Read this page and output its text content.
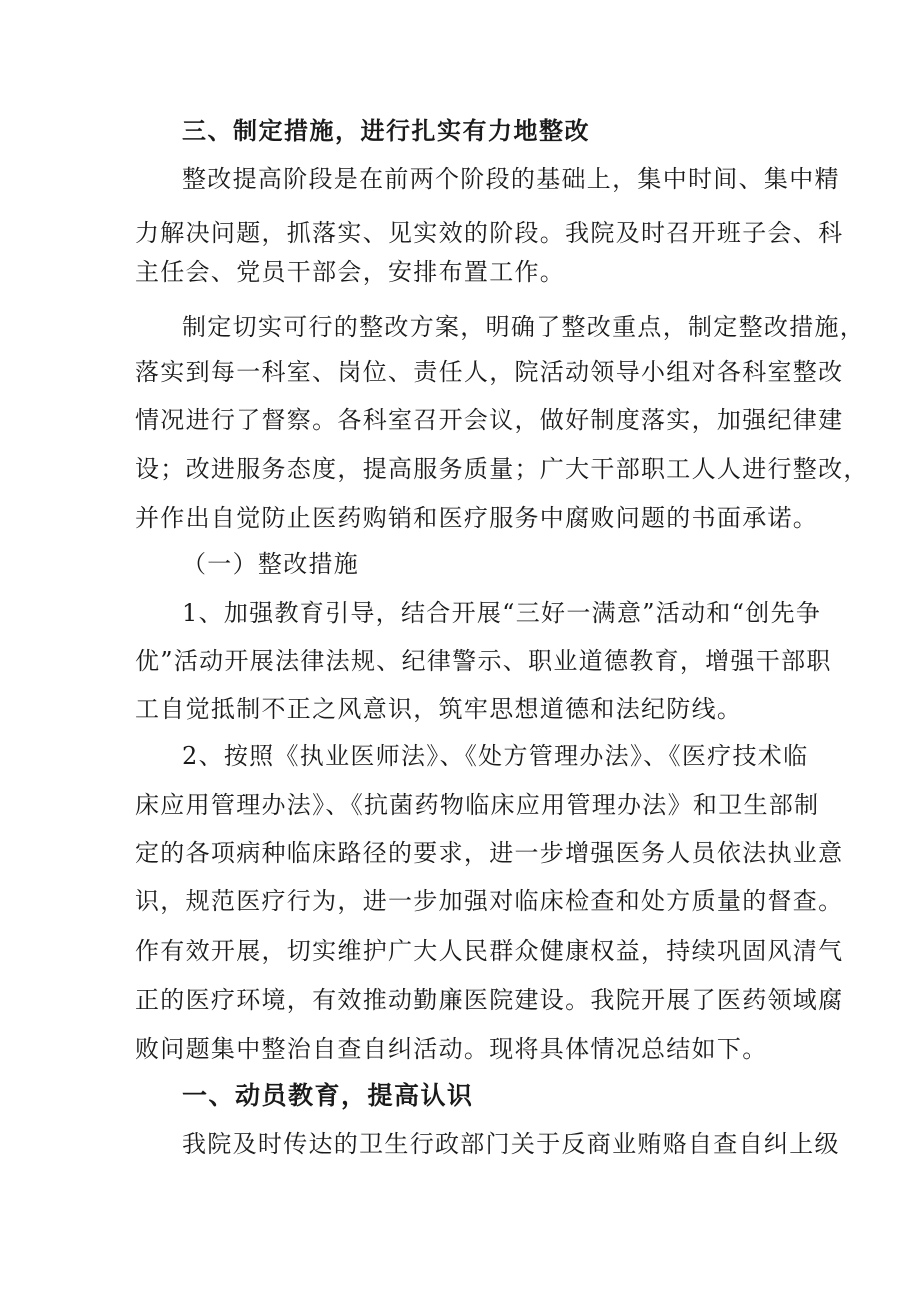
三、制定措施，进行扎实有力地整改
整改提高阶段是在前两个阶段的基础上，集中时间、集中精
力解决问题，抓落实、见实效的阶段。我院及时召开班子会、科
主任会、党员干部会，安排布置工作。
制定切实可行的整改方案，明确了整改重点，制定整改措施，
落实到每一科室、岗位、责任人，院活动领导小组对各科室整改
情况进行了督察。各科室召开会议，做好制度落实，加强纪律建
设；改进服务态度，提高服务质量；广大干部职工人人进行整改，
并作出自觉防止医药购销和医疗服务中腐败问题的书面承诺。
（一）整改措施
1、加强教育引导，结合开展“三好一满意”活动和“创先争
优”活动开展法律法规、纪律警示、职业道德教育，增强干部职
工自觉抵制不正之风意识，筑牢思想道德和法纪防线。
2、按照《执业医师法》、《处方管理办法》、《医疗技术临
床应用管理办法》、《抗菌药物临床应用管理办法》和卫生部制
定的各项病种临床路径的要求，进一步增强医务人员依法执业意
识，规范医疗行为，进一步加强对临床检查和处方质量的督查。
作有效开展，切实维护广大人民群众健康权益，持续巩固风清气
正的医疗环境，有效推动勤廉医院建设。我院开展了医药领域腐
败问题集中整治自查自纠活动。现将具体情况总结如下。
一、动员教育，提高认识
我院及时传达的卫生行政部门关于反商业贿赂自查自纠上级
